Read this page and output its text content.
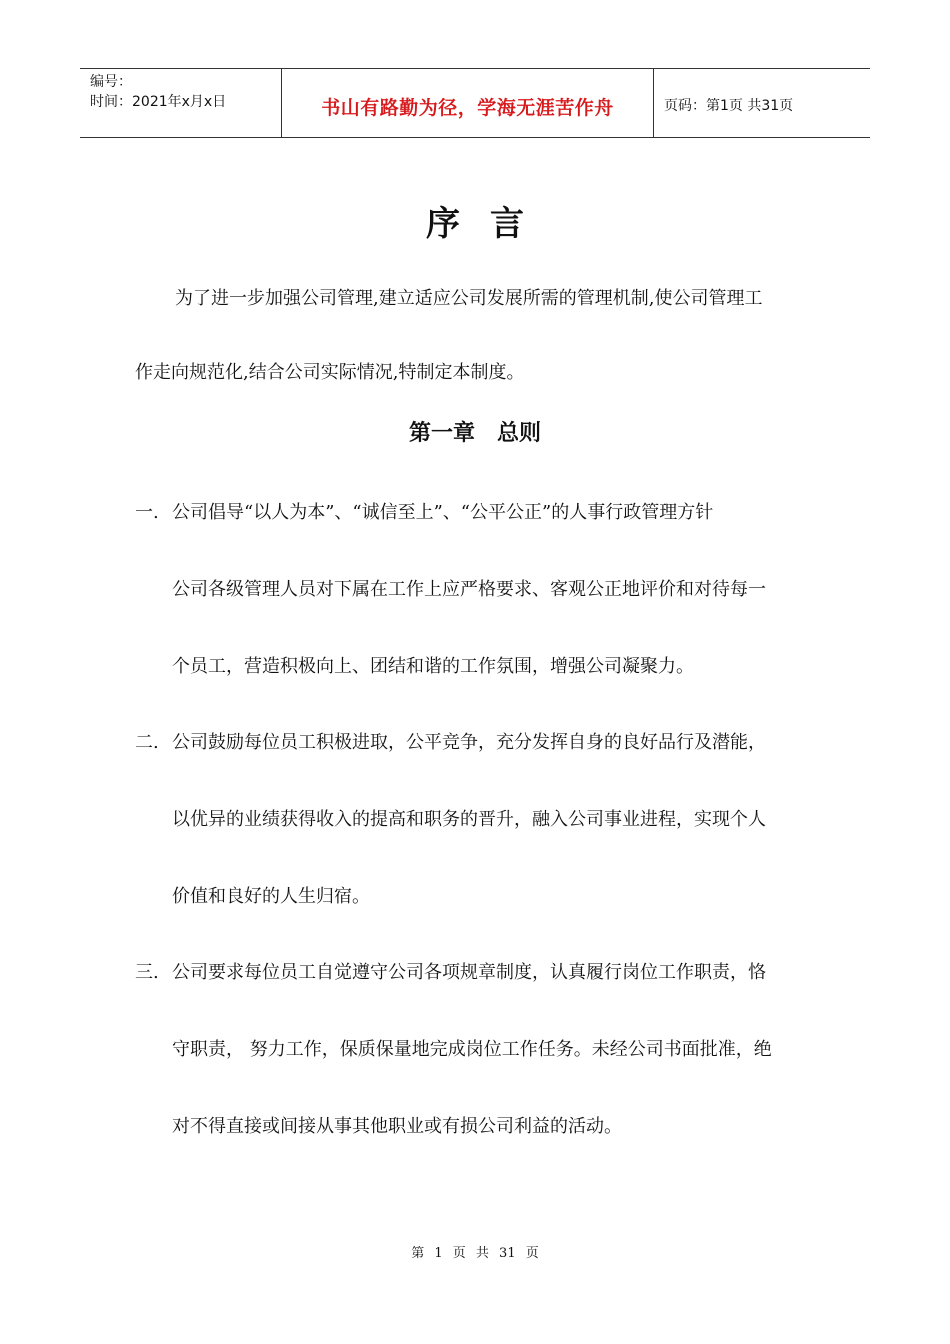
编号：
时间：2021年x月x日	书山有路勤为径，学海无涯苦作舟	页码：第1页 共31页
序言
为了进一步加强公司管理,建立适应公司发展所需的管理机制,使公司管理工
作走向规范化,结合公司实际情况,特制定本制度。
第一章　总则
一. 公司倡导“以人为本”、“诚信至上”、“公平公正”的人事行政管理方针
公司各级管理人员对下属在工作上应严格要求、客观公正地评价和对待每一
个员工，营造积极向上、团结和谐的工作氛围，增强公司凝聚力。
二. 公司鼓励每位员工积极进取，公平竞争，充分发挥自身的良好品行及潜能，
以优异的业绩获得收入的提高和职务的晋升，融入公司事业进程，实现个人
价值和良好的人生归宿。
三. 公司要求每位员工自觉遵守公司各项规章制度，认真履行岗位工作职责，恪
守职责， 努力工作，保质保量地完成岗位工作任务。未经公司书面批准，绝
对不得直接或间接从事其他职业或有损公司利益的活动。
第 1 页 共 31 页
